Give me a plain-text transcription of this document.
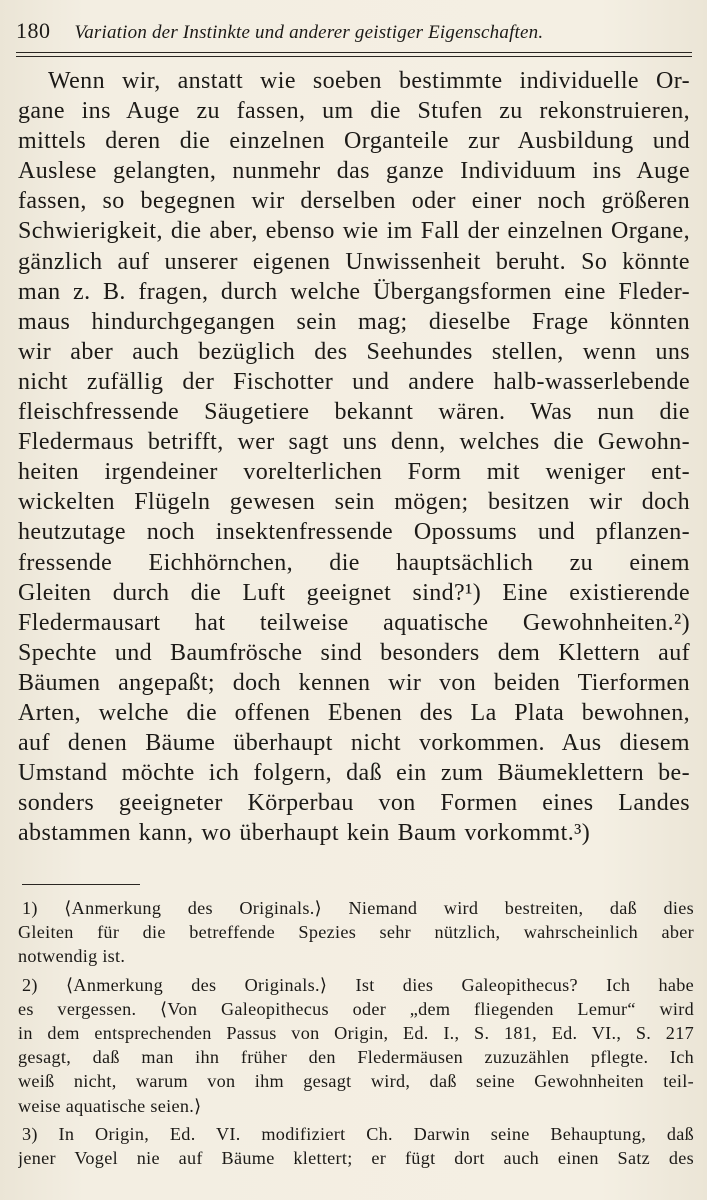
180 Variation der Instinkte und anderer geistiger Eigenschaften.
Wenn wir, anstatt wie soeben bestimmte individuelle Or-
gane ins Auge zu fassen, um die Stufen zu rekonstruieren,
mittels deren die einzelnen Organteile zur Ausbildung und
Auslese gelangten, nunmehr das ganze Individuum ins Auge
fassen, so begegnen wir derselben oder einer noch größeren
Schwierigkeit, die aber, ebenso wie im Fall der einzelnen Organe,
gänzlich auf unserer eigenen Unwissenheit beruht. So könnte
man z. B. fragen, durch welche Übergangsformen eine Fleder-
maus hindurchgegangen sein mag; dieselbe Frage könnten
wir aber auch bezüglich des Seehundes stellen, wenn uns
nicht zufällig der Fischotter und andere halb-wasserlebende
fleischfressende Säugetiere bekannt wären. Was nun die
Fledermaus betrifft, wer sagt uns denn, welches die Gewohn-
heiten irgendeiner vorelterlichen Form mit weniger ent-
wickelten Flügeln gewesen sein mögen; besitzen wir doch
heutzutage noch insektenfressende Opossums und pflanzen-
fressende Eichhörnchen, die hauptsächlich zu einem
Gleiten durch die Luft geeignet sind?¹) Eine existierende
Fledermausart hat teilweise aquatische Gewohnheiten.²)
Spechte und Baumfrösche sind besonders dem Klettern auf
Bäumen angepaßt; doch kennen wir von beiden Tierformen
Arten, welche die offenen Ebenen des La Plata bewohnen,
auf denen Bäume überhaupt nicht vorkommen. Aus diesem
Umstand möchte ich folgern, daß ein zum Bäumeklettern be-
sonders geeigneter Körperbau von Formen eines Landes
abstammen kann, wo überhaupt kein Baum vorkommt.³)
1) ⟨Anmerkung des Originals.⟩ Niemand wird bestreiten, daß dies
Gleiten für die betreffende Spezies sehr nützlich, wahrscheinlich aber
notwendig ist.
2) ⟨Anmerkung des Originals.⟩ Ist dies Galeopithecus? Ich habe
es vergessen. ⟨Von Galeopithecus oder „dem fliegenden Lemur“ wird
in dem entsprechenden Passus von Origin, Ed. I., S. 181, Ed. VI., S. 217
gesagt, daß man ihn früher den Fledermäusen zuzuzählen pflegte. Ich
weiß nicht, warum von ihm gesagt wird, daß seine Gewohnheiten teil-
weise aquatische seien.⟩
3) In Origin, Ed. VI. modifiziert Ch. Darwin seine Behauptung, daß
jener Vogel nie auf Bäume klettert; er fügt dort auch einen Satz des
